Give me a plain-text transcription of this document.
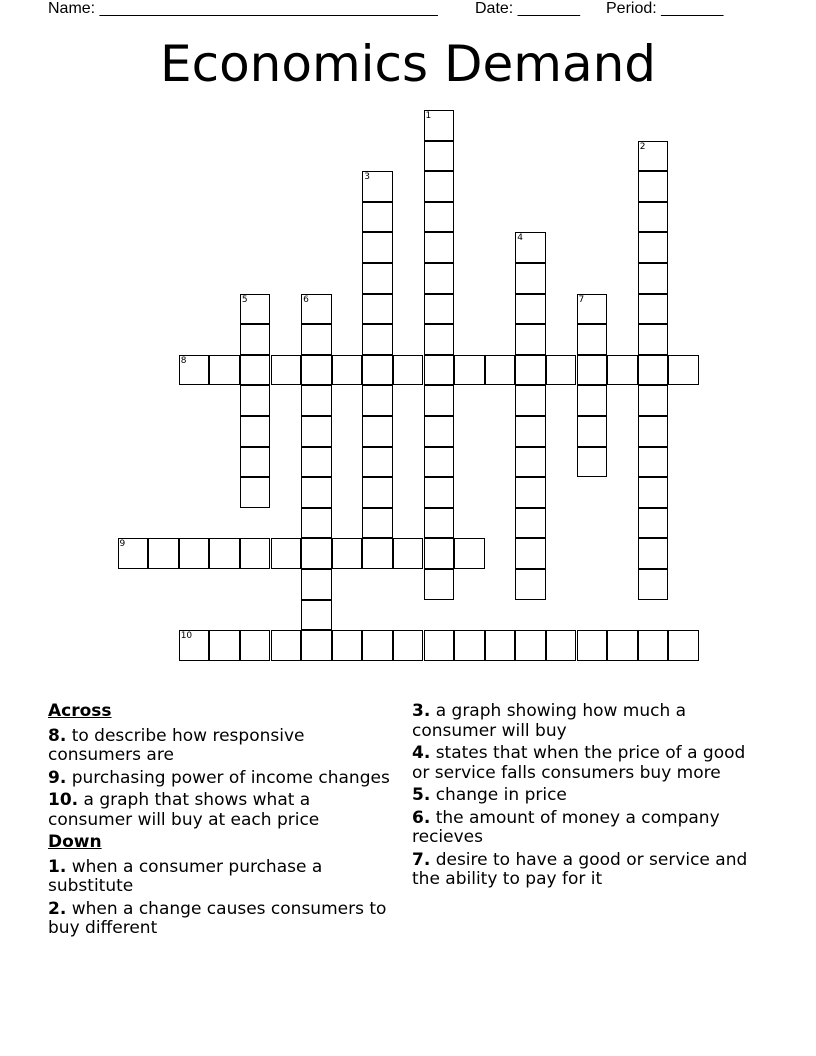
Name: ______________________________________ Date: _______ Period: _______
Economics Demand
1
2
3
4
5	6	7
8
9
10
Across
8. to describe how responsive consumers are
9. purchasing power of income changes
10. a graph that shows what a consumer will buy at each price
Down
1. when a consumer purchase a substitute
2. when a change causes consumers to buy different
3. a graph showing how much a consumer will buy
4. states that when the price of a good or service falls consumers buy more
5. change in price
6. the amount of money a company recieves
7. desire to have a good or service and the ability to pay for it
